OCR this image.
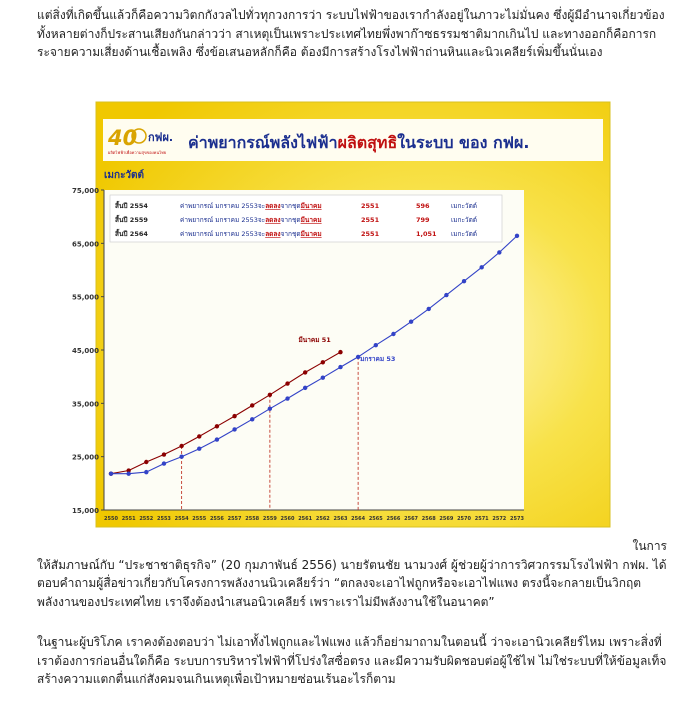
แต่สิ่งที่เกิดขึ้นแล้วก็คือความวิตกกังวลไปทั่วทุกวงการว่า ระบบไฟฟ้าของเรากำลังอยู่ในภาวะไม่มั่นคง ซึ่งผู้มีอำนาจเกี่ยวข้องทั้งหลายต่างก็ประสานเสียงกันกล่าวว่า สาเหตุเป็นเพราะประเทศไทยพึ่งพาก๊าซธรรมชาติมากเกินไป และทางออกก็คือการกระจายความเสี่ยงด้านเชื้อเพลิง ซึ่งข้อเสนอหลักก็คือ ต้องมีการสร้างโรงไฟฟ้าถ่านหินและนิวเคลียร์เพิ่มขึ้นนั่นเอง

40 กฟผ.
ผลิตไฟฟ้าเพื่อความสุขของคนไทย
ค่าพยากรณ์พลังไฟฟ้าผลิตสุทธิในระบบ ของ กฟผ.
เมกะวัตต์
15,000
25,000
35,000
45,000
55,000
65,000
75,000
2550 2551 2552 2553 2554 2555 2556 2557 2558 2559 2560 2561 2562 2563 2564 2565 2566 2567 2568 2569 2570 2571 2572 2573
มีนาคม 51
มกราคม 53
สิ้นปี 2554	ค่าพยากรณ์ มกราคม 2553จะลดลงจากชุดมีนาคม	2551	596	เมกะวัตต์
สิ้นปี 2559	ค่าพยากรณ์ มกราคม 2553จะลดลงจากชุดมีนาคม	2551	799	เมกะวัตต์
สิ้นปี 2564	ค่าพยากรณ์ มกราคม 2553จะลดลงจากชุดมีนาคม	2551	1,051 เมกะวัตต์

ในการ

ให้สัมภาษณ์กับ “ประชาชาติธุรกิจ” (20 กุมภาพันธ์ 2556) นายรัตนชัย นามวงศ์ ผู้ช่วยผู้ว่าการวิศวกรรมโรงไฟฟ้า กฟผ. ได้ตอบคำถามผู้สื่อข่าวเกี่ยวกับโครงการพลังงานนิวเคลียร์ว่า “ตกลงจะเอาไฟถูกหรือจะเอาไฟแพง ตรงนี้จะกลายเป็นวิกฤตพลังงานของประเทศไทย เราจึงต้องนำเสนอนิวเคลียร์ เพราะเราไม่มีพลังงานใช้ในอนาคต”

ในฐานะผู้บริโภค เราคงต้องตอบว่า ไม่เอาทั้งไฟถูกและไฟแพง แล้วก็อย่ามาถามในตอนนี้ ว่าจะเอานิวเคลียร์ไหม เพราะสิ่งที่เราต้องการก่อนอื่นใดก็คือ ระบบการบริหารไฟฟ้าที่โปร่งใสซื่อตรง และมีความรับผิดชอบต่อผู้ใช้ไฟ ไม่ใช่ระบบที่ให้ข้อมูลเท็จ สร้างความแตกตื่นแก่สังคมจนเกินเหตุเพื่อเป้าหมายซ่อนเร้นอะไรก็ตาม
